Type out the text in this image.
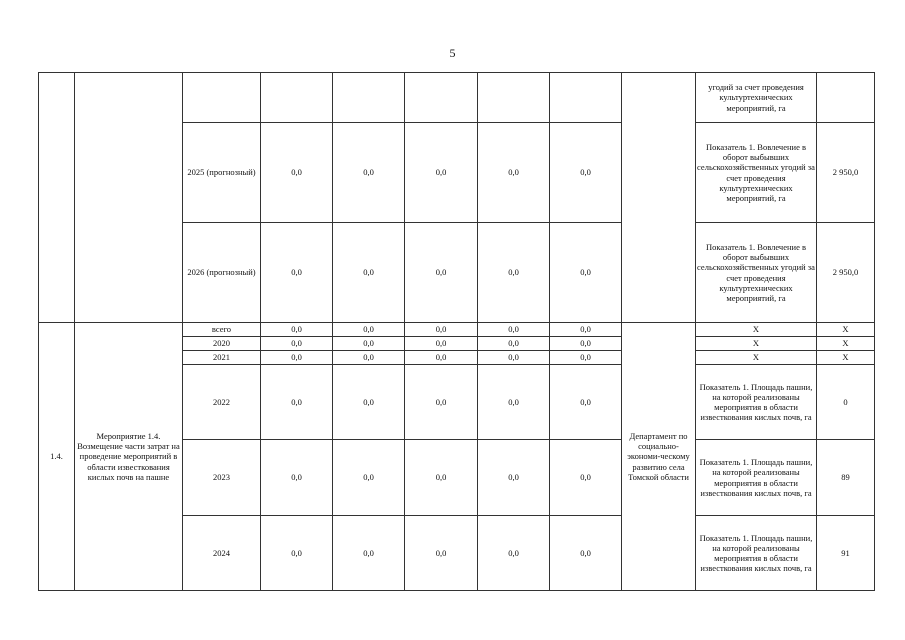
5
									угодий за счет проведения культуртехнических мероприятий, га	
		2025 (прогнозный)	0,0	0,0	0,0	0,0	0,0		Показатель 1. Вовлечение в оборот выбывших сельскохозяйственных угодий за счет проведения культуртехнических мероприятий, га	2 950,0
		2026 (прогнозный)	0,0	0,0	0,0	0,0	0,0		Показатель 1. Вовлечение в оборот выбывших сельскохозяйственных угодий за счет проведения культуртехнических мероприятий, га	2 950,0
1.4.	Мероприятие 1.4. Возмещение части затрат на проведение мероприятий в области известкования кислых почв на пашне	всего	0,0	0,0	0,0	0,0	0,0	Департамент по социально-экономи-ческому развитию села Томской области	Х	Х
		2020	0,0	0,0	0,0	0,0	0,0		Х	Х
		2021	0,0	0,0	0,0	0,0	0,0		Х	Х
		2022	0,0	0,0	0,0	0,0	0,0		Показатель 1. Площадь пашни, на которой реализованы мероприятия в области известкования кислых почв, га	0
		2023	0,0	0,0	0,0	0,0	0,0		Показатель 1. Площадь пашни, на которой реализованы мероприятия в области известкования кислых почв, га	89
		2024	0,0	0,0	0,0	0,0	0,0		Показатель 1. Площадь пашни, на которой реализованы мероприятия в области известкования кислых почв, га	91
